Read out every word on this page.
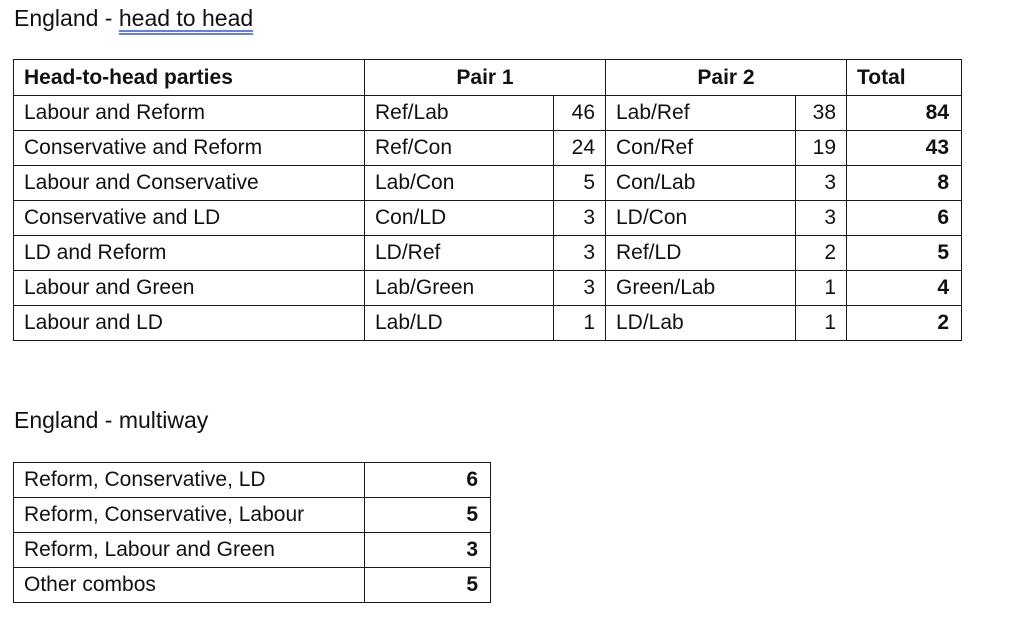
England - head to head
Head-to-head parties	Pair 1		Pair 2		Total
Labour and Reform	Ref/Lab	46	Lab/Ref	38	84
Conservative and Reform	Ref/Con	24	Con/Ref	19	43
Labour and Conservative	Lab/Con	5	Con/Lab	3	8
Conservative and LD	Con/LD	3	LD/Con	3	6
LD and Reform	LD/Ref	3	Ref/LD	2	5
Labour and Green	Lab/Green	3	Green/Lab	1	4
Labour and LD	Lab/LD	1	LD/Lab	1	2
England - multiway
Reform, Conservative, LD	6
Reform, Conservative, Labour	5
Reform, Labour and Green	3
Other combos	5
